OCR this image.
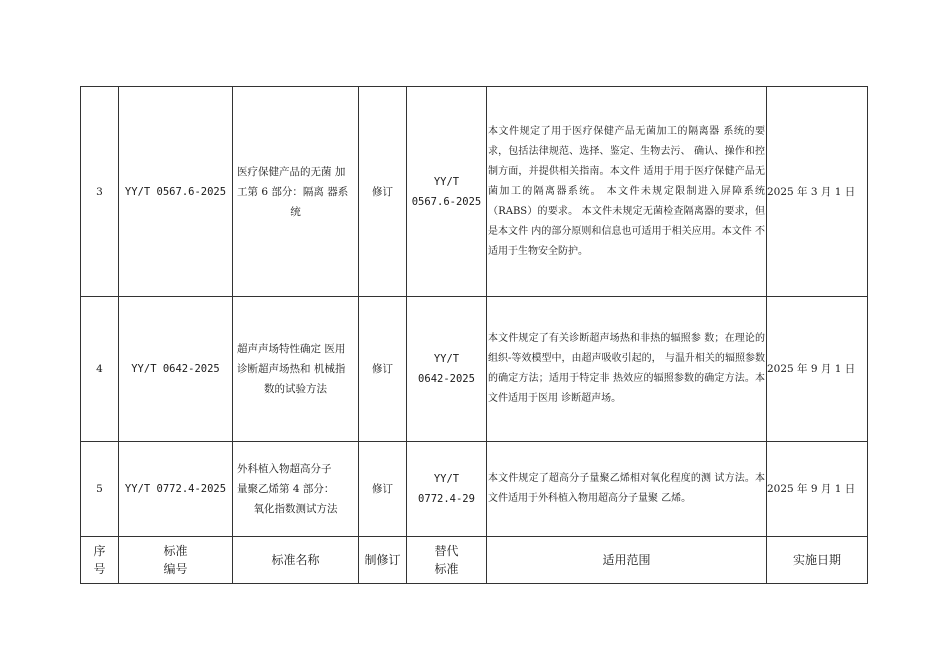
3	YY/T 0567.6-2025	医疗保健产品的无菌 加
工第 6 部分：隔离 器系

统	修订	YY/T
0567.6-2025	本文件规定了用于医疗保健产品无菌加工的隔离器 系统的要求，包括法律规范、选择、鉴定、生物去污、 确认、操作和控制方面，并提供相关指南。本文件 适用于用于医疗保健产品无菌加工的隔离器系统。 本文件未规定限制进入屏障系统（RABS）的要求。 本文件未规定无菌检查隔离器的要求，但是本文件 内的部分原则和信息也可适用于相关应用。本文件 不适用于生物安全防护。	2025 年 3 月 1 日
4	YY/T 0642-2025	超声声场特性确定 医用
诊断超声场热和 机械指

数的试验方法	修订	YY/T
0642-2025	本文件规定了有关诊断超声场热和非热的辐照参 数；在理论的组织-等效模型中，由超声吸收引起的， 与温升相关的辐照参数的确定方法；适用于特定非 热效应的辐照参数的确定方法。本文件适用于医用 诊断超声场。	2025 年 9 月 1 日
5	YY/T 0772.4-2025	外科植入物超高分子
量聚乙烯第 4 部分：

氧化指数测试方法	修订	YY/T
0772.4-29	本文件规定了超高分子量聚乙烯相对氧化程度的测 试方法。本文件适用于外科植入物用超高分子量聚 乙烯。	2025 年 9 月 1 日

序
号	标准
编号	标准名称	制修订	替代
标准	适用范围	实施日期
